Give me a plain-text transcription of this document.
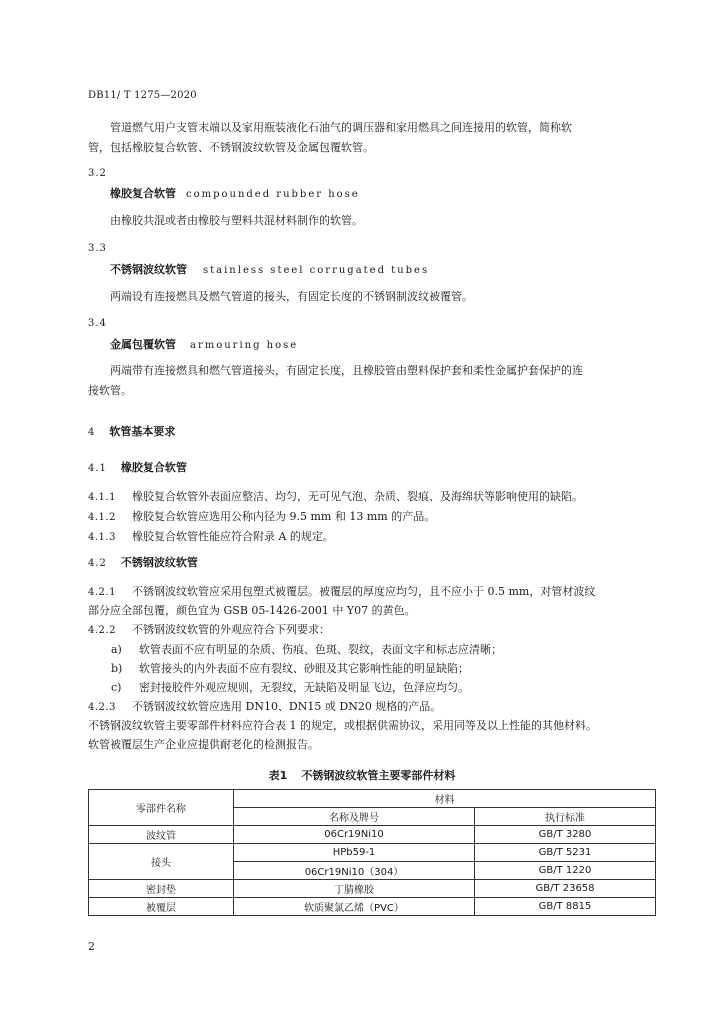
DB11/ T 1275—2020
管道燃气用户支管末端以及家用瓶装液化石油气的调压器和家用燃具之间连接用的软管，简称软
管，包括橡胶复合软管、不锈钢波纹软管及金属包覆软管。
3.2
橡胶复合软管 compounded rubber hose
由橡胶共混或者由橡胶与塑料共混材料制作的软管。
3.3
不锈钢波纹软管 stainless steel corrugated tubes
两端设有连接燃具及燃气管道的接头，有固定长度的不锈钢制波纹被覆管。
3.4
金属包覆软管 armouring hose
两端带有连接燃具和燃气管道接头，有固定长度，且橡胶管由塑料保护套和柔性金属护套保护的连
接软管。
4 软管基本要求
4.1 橡胶复合软管
4.1.1 橡胶复合软管外表面应整洁、均匀，无可见气泡、杂质、裂痕、及海绵状等影响使用的缺陷。
4.1.2 橡胶复合软管应选用公称内径为 9.5 mm 和 13 mm 的产品。
4.1.3 橡胶复合软管性能应符合附录 A 的规定。
4.2 不锈钢波纹软管
4.2.1 不锈钢波纹软管应采用包塑式被覆层。被覆层的厚度应均匀，且不应小于 0.5 mm，对管材波纹
部分应全部包覆，颜色宜为 GSB 05-1426-2001 中 Y07 的黄色。
4.2.2 不锈钢波纹软管的外观应符合下列要求：
a) 软管表面不应有明显的杂质、伤痕、色斑、裂纹，表面文字和标志应清晰；
b) 软管接头的内外表面不应有裂纹、砂眼及其它影响性能的明显缺陷；
c) 密封接胶件外观应规则，无裂纹，无缺陷及明显飞边，色泽应均匀。
4.2.3 不锈钢波纹软管应选用 DN10、DN15 或 DN20 规格的产品。
不锈钢波纹软管主要零部件材料应符合表 1 的规定，或根据供需协议，采用同等及以上性能的其他材料。
软管被覆层生产企业应提供耐老化的检测报告。
表1 不锈钢波纹软管主要零部件材料
零部件名称	材料	
	名称及牌号	执行标准
波纹管	06Cr19Ni10	GB/T 3280
接头	HPb59-1	GB/T 5231
	06Cr19Ni10（304）	GB/T 1220
密封垫	丁腈橡胶	GB/T 23658
被覆层	软质聚氯乙烯（PVC）	GB/T 8815
2
